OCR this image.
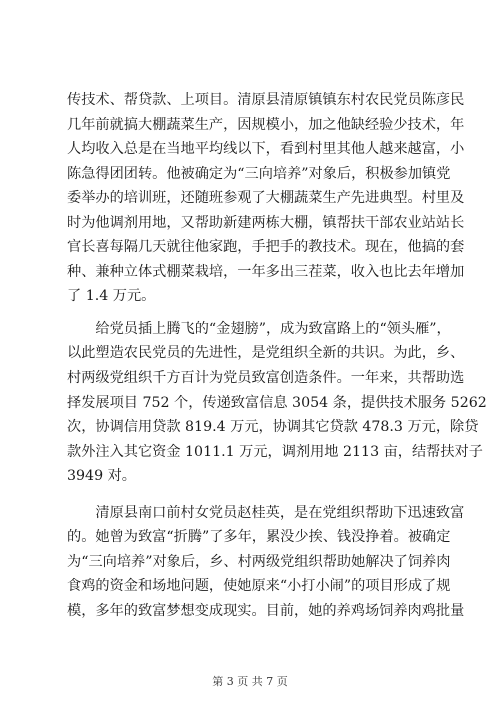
传技术、帮贷款、上项目。清原县清原镇镇东村农民党员陈彦民
几年前就搞大棚蔬菜生产，因规模小，加之他缺经验少技术，年
人均收入总是在当地平均线以下，看到村里其他人越来越富，小
陈急得团团转。他被确定为“三向培养”对象后，积极参加镇党
委举办的培训班，还随班参观了大棚蔬菜生产先进典型。村里及
时为他调剂用地，又帮助新建两栋大棚，镇帮扶干部农业站站长
官长喜每隔几天就往他家跑，手把手的教技术。现在，他搞的套
种、兼种立体式棚菜栽培，一年多出三茬菜，收入也比去年增加
了 1.4 万元。
　　给党员插上腾飞的“金翅膀”，成为致富路上的“领头雁”，
以此塑造农民党员的先进性，是党组织全新的共识。为此，乡、
村两级党组织千方百计为党员致富创造条件。一年来，共帮助选
择发展项目 752 个，传递致富信息 3054 条，提供技术服务 5262
次，协调信用贷款 819.4 万元，协调其它贷款 478.3 万元，除贷
款外注入其它资金 1011.1 万元，调剂用地 2113 亩，结帮扶对子
3949 对。
　　清原县南口前村女党员赵桂英，是在党组织帮助下迅速致富
的。她曾为致富“折腾”了多年，累没少挨、钱没挣着。被确定
为“三向培养”对象后，乡、村两级党组织帮助她解决了饲养肉
食鸡的资金和场地问题，使她原来“小打小闹”的项目形成了规
模，多年的致富梦想变成现实。目前，她的养鸡场饲养肉鸡批量
第 3 页 共 7 页
